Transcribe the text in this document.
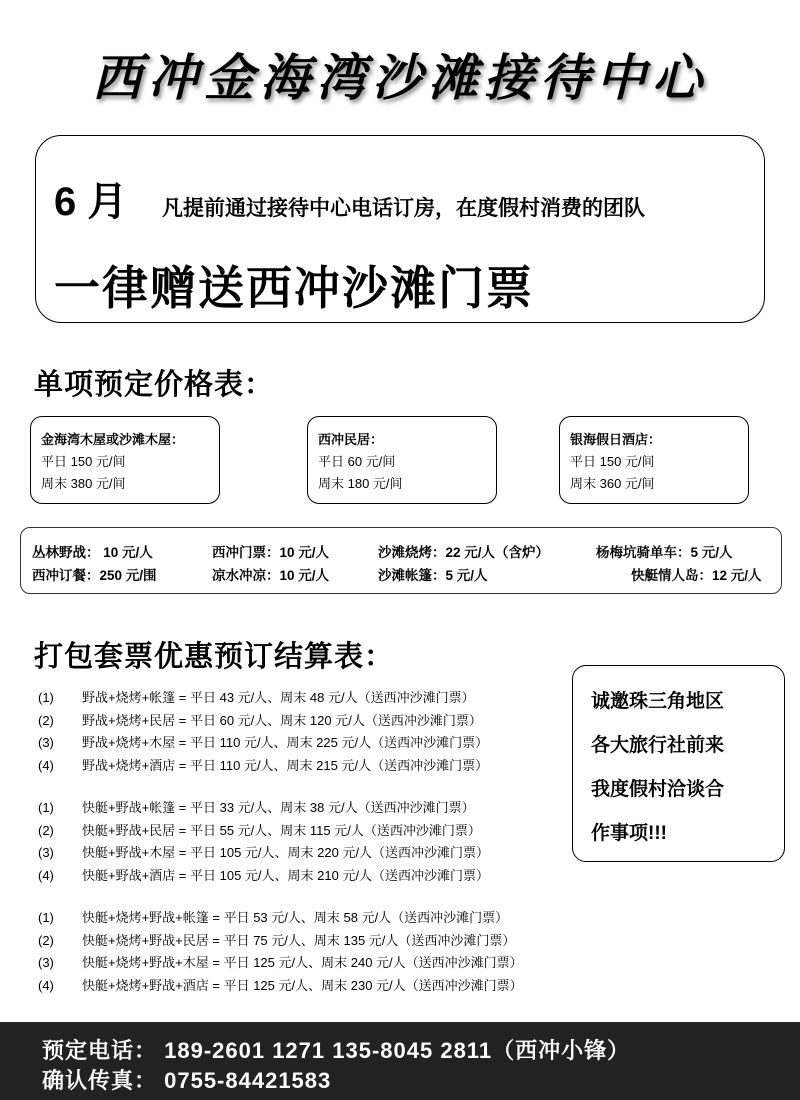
西冲金海湾沙滩接待中心
6 月 凡提前通过接待中心电话订房，在度假村消费的团队
一律赠送西冲沙滩门票
单项预定价格表：
金海湾木屋或沙滩木屋：
平日 150 元/间
周末 380 元/间
西冲民居：
平日 60 元/间
周末 180 元/间
银海假日酒店：
平日 150 元/间
周末 360 元/间
丛林野战： 10 元/人	西冲门票：10 元/人	沙滩烧烤：22 元/人（含炉）	杨梅坑骑单车：5 元/人
西冲订餐：250 元/围	凉水冲凉：10 元/人	沙滩帐篷：5 元/人	快艇情人岛：12 元/人
打包套票优惠预订结算表：
(1) 野战+烧烤+帐篷 = 平日 43 元/人、周末 48 元/人（送西冲沙滩门票）
(2) 野战+烧烤+民居 = 平日 60 元/人、周末 120 元/人（送西冲沙滩门票）
(3) 野战+烧烤+木屋 = 平日 110 元/人、周末 225 元/人（送西冲沙滩门票）
(4) 野战+烧烤+酒店 = 平日 110 元/人、周末 215 元/人（送西冲沙滩门票）
(1) 快艇+野战+帐篷 = 平日 33 元/人、周末 38 元/人（送西冲沙滩门票）
(2) 快艇+野战+民居 = 平日 55 元/人、周末 115 元/人（送西冲沙滩门票）
(3) 快艇+野战+木屋 = 平日 105 元/人、周末 220 元/人（送西冲沙滩门票）
(4) 快艇+野战+酒店 = 平日 105 元/人、周末 210 元/人（送西冲沙滩门票）
(1) 快艇+烧烤+野战+帐篷 = 平日 53 元/人、周末 58 元/人（送西冲沙滩门票）
(2) 快艇+烧烤+野战+民居 = 平日 75 元/人、周末 135 元/人（送西冲沙滩门票）
(3) 快艇+烧烤+野战+木屋 = 平日 125 元/人、周末 240 元/人（送西冲沙滩门票）
(4) 快艇+烧烤+野战+酒店 = 平日 125 元/人、周末 230 元/人（送西冲沙滩门票）
诚邀珠三角地区
各大旅行社前来
我度假村洽谈合
作事项!!!
预定电话： 189-2601 1271 135-8045 2811（西冲小锋）
确认传真： 0755-84421583
